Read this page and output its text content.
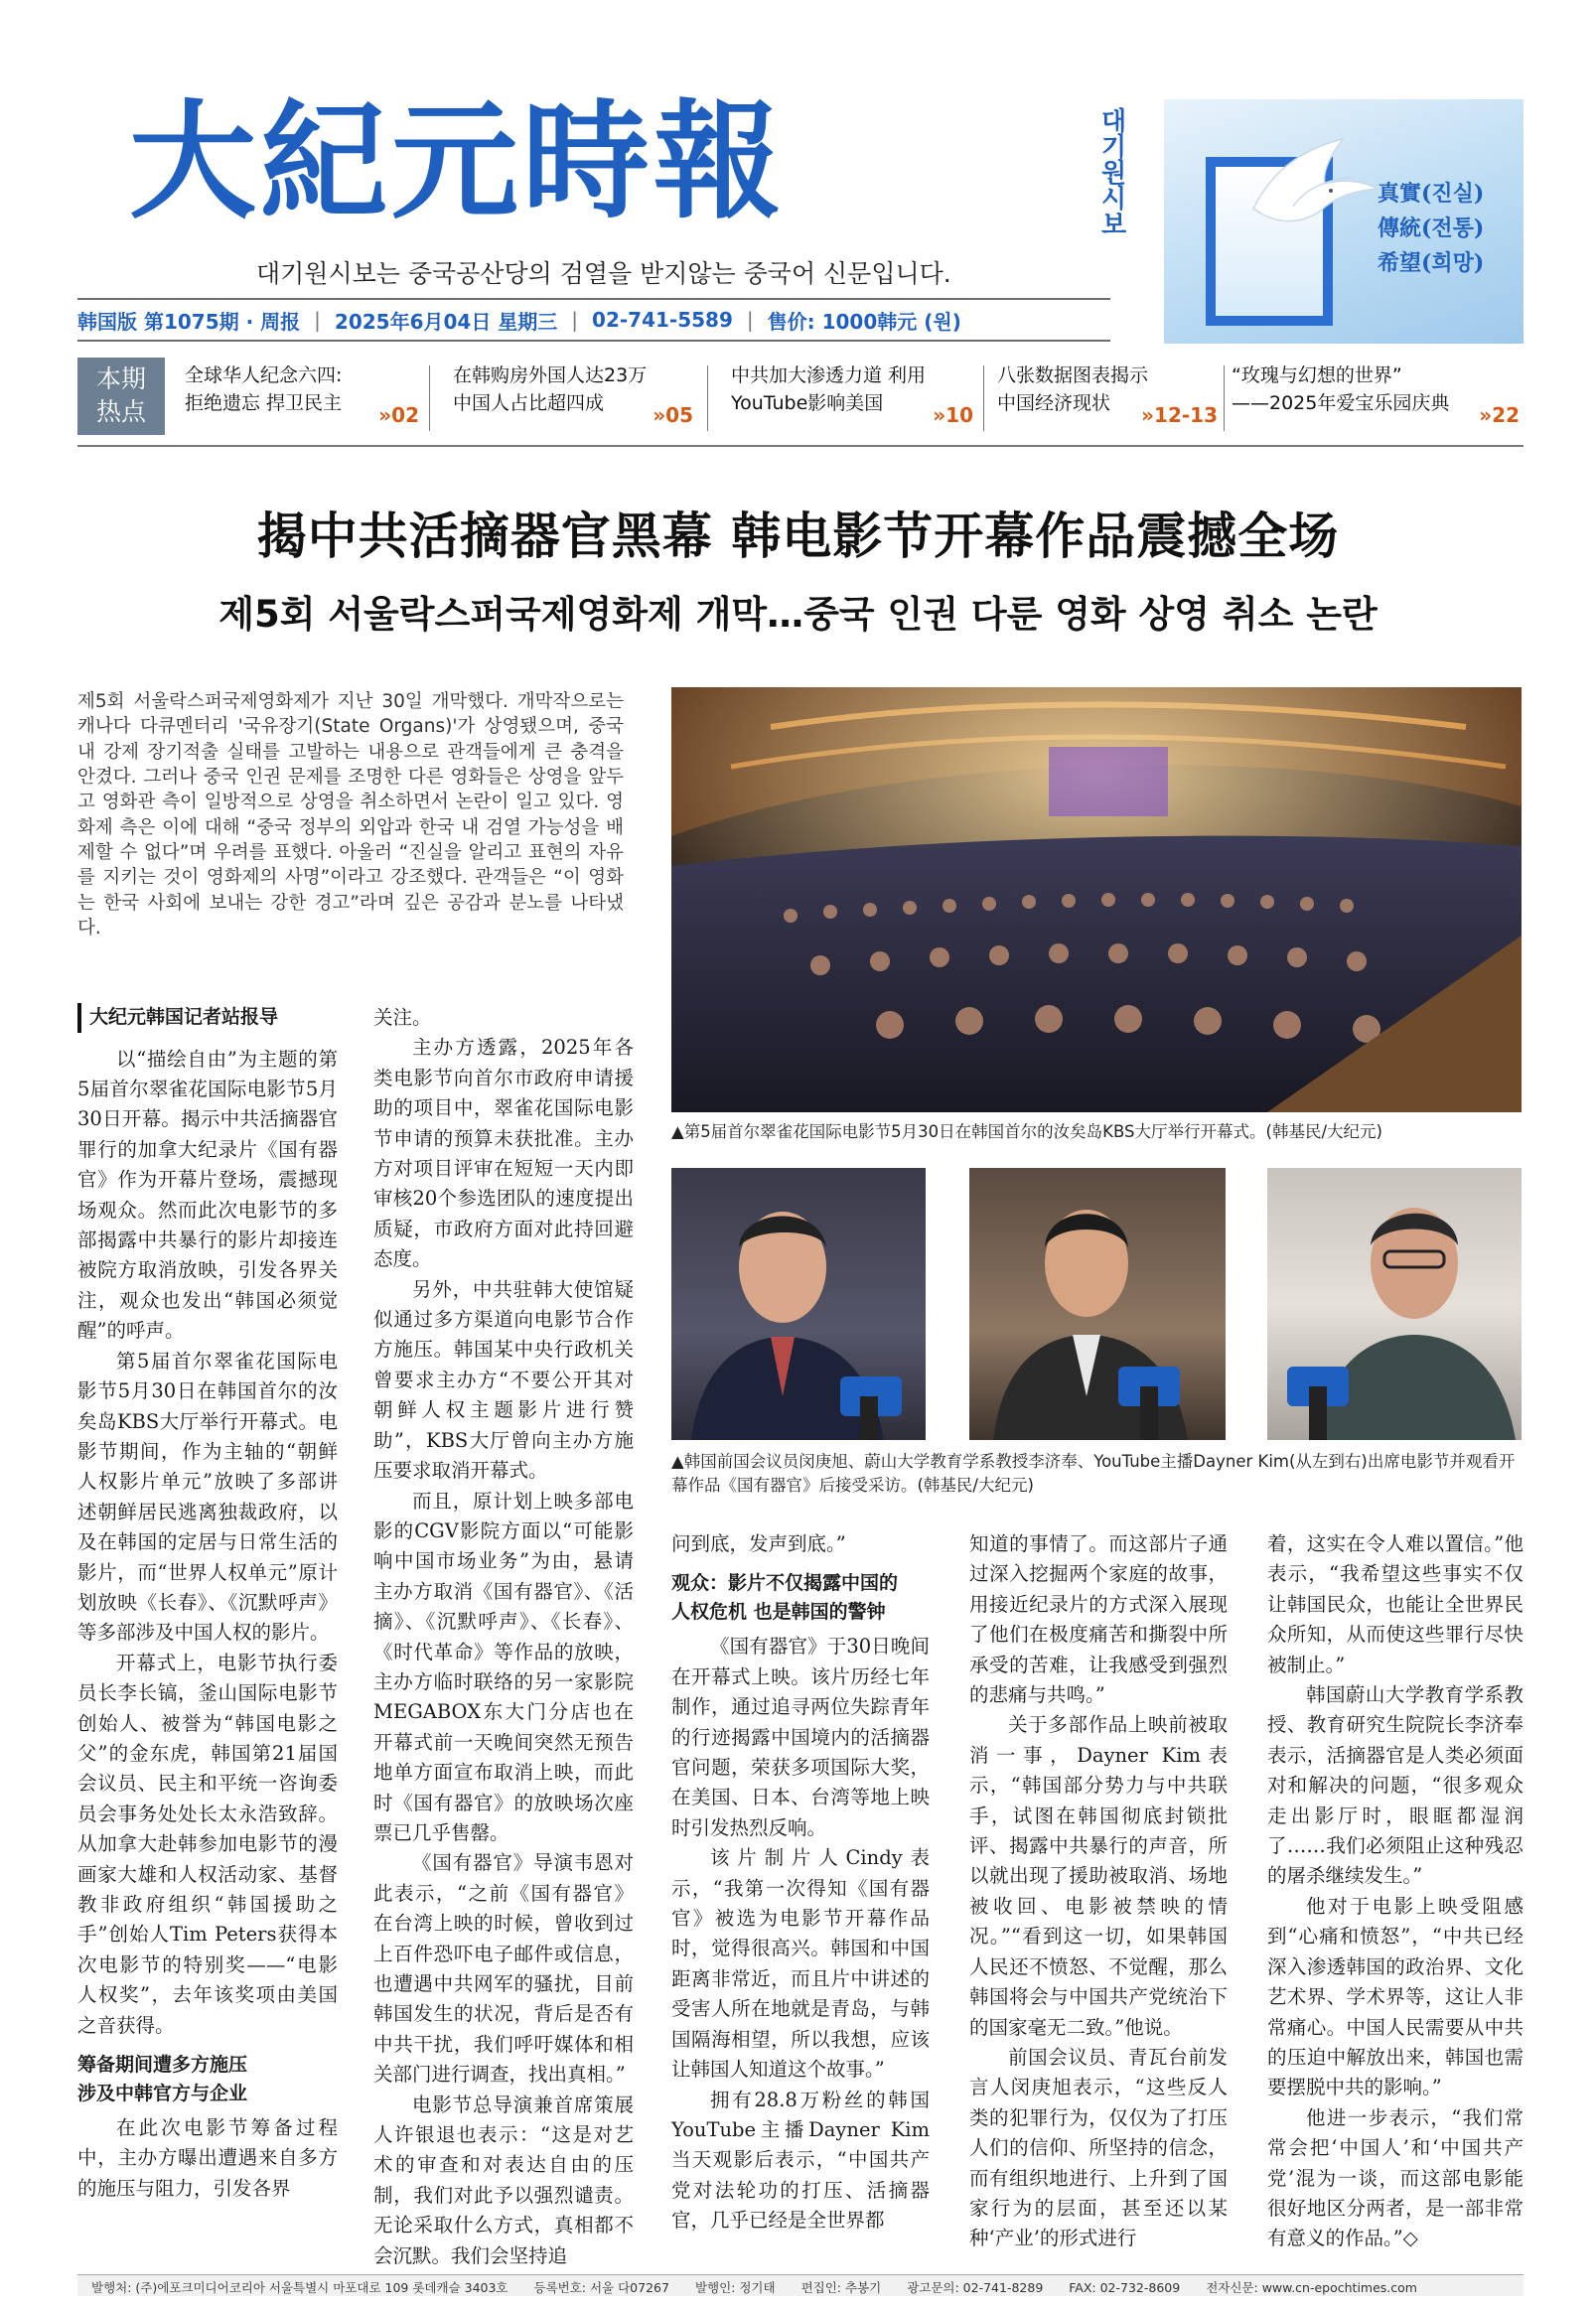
大紀元時報	대기원시보
대기원시보는 중국공산당의 검열을 받지않는 중국어 신문입니다.
真實(진실)
傳統(전통)
希望(희망)
韩国版 第1075期 · 周报 | 2025年6月04日 星期三 | 02-741-5589 | 售价: 1000韩元 (원)
本期热点
全球华人纪念六四:
拒绝遗忘 捍卫民主
»02
在韩购房外国人达23万
中国人占比超四成
»05
中共加大渗透力道 利用
YouTube影响美国
»10
八张数据图表揭示
中国经济现状
»12-13
“玫瑰与幻想的世界”
——2025年爱宝乐园庆典
»22
揭中共活摘器官黑幕 韩电影节开幕作品震撼全场
제5회 서울락스퍼국제영화제 개막…중국 인권 다룬 영화 상영 취소 논란
제5회 서울락스퍼국제영화제가 지난 30일 개막했다. 개막작으로는 캐나다 다큐멘터리 '국유장기(State Organs)'가 상영됐으며, 중국 내 강제 장기적출 실태를 고발하는 내용으로 관객들에게 큰 충격을 안겼다. 그러나 중국 인권 문제를 조명한 다른 영화들은 상영을 앞두고 영화관 측이 일방적으로 상영을 취소하면서 논란이 일고 있다. 영화제 측은 이에 대해 “중국 정부의 외압과 한국 내 검열 가능성을 배제할 수 없다”며 우려를 표했다. 아울러 “진실을 알리고 표현의 자유를 지키는 것이 영화제의 사명”이라고 강조했다. 관객들은 “이 영화는 한국 사회에 보내는 강한 경고”라며 깊은 공감과 분노를 나타냈다.
▲第5届首尔翠雀花国际电影节5月30日在韩国首尔的汝矣岛KBS大厅举行开幕式。(韩基民/大纪元)
▲韩国前国会议员闵庚旭、蔚山大学教育学系教授李济奉、YouTube主播Dayner Kim(从左到右)出席电影节并观看开幕作品《国有器官》后接受采访。(韩基民/大纪元)
大纪元韩国记者站报导

以“描绘自由”为主题的第5届首尔翠雀花国际电影节5月30日开幕。揭示中共活摘器官罪行的加拿大纪录片《国有器官》作为开幕片登场，震撼现场观众。然而此次电影节的多部揭露中共暴行的影片却接连被院方取消放映，引发各界关注，观众也发出“韩国必须觉醒”的呼声。

第5届首尔翠雀花国际电影节5月30日在韩国首尔的汝矣岛KBS大厅举行开幕式。电影节期间，作为主轴的“朝鲜人权影片单元”放映了多部讲述朝鲜居民逃离独裁政府，以及在韩国的定居与日常生活的影片，而“世界人权单元”原计划放映《长春》、《沉默呼声》等多部涉及中国人权的影片。

开幕式上，电影节执行委员长李长镐，釜山国际电影节创始人、被誉为“韩国电影之父”的金东虎，韩国第21届国会议员、民主和平统一咨询委员会事务处处长太永浩致辞。从加拿大赴韩参加电影节的漫画家大雄和人权活动家、基督教非政府组织“韩国援助之手”创始人Tim Peters获得本次电影节的特别奖——“电影人权奖”，去年该奖项由美国之音获得。

筹备期间遭多方施压
涉及中韩官方与企业

在此次电影节筹备过程中，主办方曝出遭遇来自多方的施压与阻力，引发各界

关注。

主办方透露，2025年各类电影节向首尔市政府申请援助的项目中，翠雀花国际电影节申请的预算未获批准。主办方对项目评审在短短一天内即审核20个参选团队的速度提出质疑，市政府方面对此持回避态度。

另外，中共驻韩大使馆疑似通过多方渠道向电影节合作方施压。韩国某中央行政机关曾要求主办方“不要公开其对朝鲜人权主题影片进行赞助”，KBS大厅曾向主办方施压要求取消开幕式。

而且，原计划上映多部电影的CGV影院方面以“可能影响中国市场业务”为由，悬请主办方取消《国有器官》、《活摘》、《沉默呼声》、《长春》、《时代革命》等作品的放映，主办方临时联络的另一家影院MEGABOX东大门分店也在开幕式前一天晚间突然无预告地单方面宣布取消上映，而此时《国有器官》的放映场次座票已几乎售罄。

《国有器官》导演韦恩对此表示，“之前《国有器官》在台湾上映的时候，曾收到过上百件恐吓电子邮件或信息，也遭遇中共网军的骚扰，目前韩国发生的状况，背后是否有中共干扰，我们呼吁媒体和相关部门进行调查，找出真相。”

电影节总导演兼首席策展人许银退也表示：“这是对艺术的审查和对表达自由的压制，我们对此予以强烈谴责。无论采取什么方式，真相都不会沉默。我们会坚持追

问到底，发声到底。”

观众：影片不仅揭露中国的
人权危机 也是韩国的警钟

《国有器官》于30日晚间在开幕式上映。该片历经七年制作，通过追寻两位失踪青年的行迹揭露中国境内的活摘器官问题，荣获多项国际大奖，在美国、日本、台湾等地上映时引发热烈反响。

该片制片人Cindy表示，“我第一次得知《国有器官》被选为电影节开幕作品时，觉得很高兴。韩国和中国距离非常近，而且片中讲述的受害人所在地就是青岛，与韩国隔海相望，所以我想，应该让韩国人知道这个故事。”

拥有28.8万粉丝的韩国YouTube主播Dayner Kim当天观影后表示，“中国共产党对法轮功的打压、活摘器官，几乎已经是全世界都

知道的事情了。而这部片子通过深入挖掘两个家庭的故事，用接近纪录片的方式深入展现了他们在极度痛苦和撕裂中所承受的苦难，让我感受到强烈的悲痛与共鸣。”

关于多部作品上映前被取消一事，Dayner Kim表示，“韩国部分势力与中共联手，试图在韩国彻底封锁批评、揭露中共暴行的声音，所以就出现了援助被取消、场地被收回、电影被禁映的情况。”“看到这一切，如果韩国人民还不愤怒、不觉醒，那么韩国将会与中国共产党统治下的国家毫无二致。”他说。

前国会议员、青瓦台前发言人闵庚旭表示，“这些反人类的犯罪行为，仅仅为了打压人们的信仰、所坚持的信念，而有组织地进行、上升到了国家行为的层面，甚至还以某种‘产业’的形式进行

着，这实在令人难以置信。”他表示，“我希望这些事实不仅让韩国民众，也能让全世界民众所知，从而使这些罪行尽快被制止。”

韩国蔚山大学教育学系教授、教育研究生院院长李济奉表示，活摘器官是人类必须面对和解决的问题，“很多观众走出影厅时，眼眶都湿润了……我们必须阻止这种残忍的屠杀继续发生。”

他对于电影上映受阻感到“心痛和愤怒”，“中共已经深入渗透韩国的政治界、文化艺术界、学术界等，这让人非常痛心。中国人民需要从中共的压迫中解放出来，韩国也需要摆脱中共的影响。”

他进一步表示，“我们常常会把‘中国人’和‘中国共产党’混为一谈，而这部电影能很好地区分两者，是一部非常有意义的作品。”◇

발행처: (주)에포크미디어코리아 서울특별시 마포대로 109 롯데캐슬 3403호 등록번호: 서울 다07267 발행인: 정기태 편집인: 추봉기 광고문의: 02-741-8289 FAX: 02-732-8609 전자신문: www.cn-epochtimes.com
